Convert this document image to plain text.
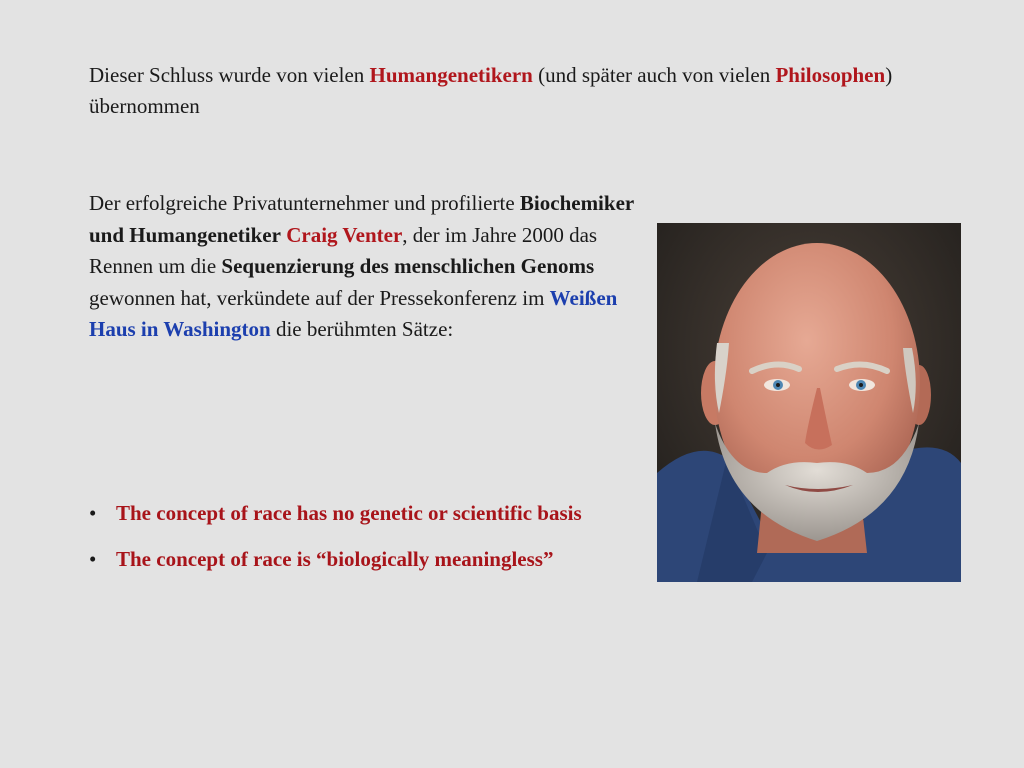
Dieser Schluss wurde von vielen Humangenetikern (und später auch von vielen Philosophen) übernommen
Der erfolgreiche Privatunternehmer und profilierte Biochemiker und Humangenetiker Craig Venter, der im Jahre 2000 das Rennen um die Sequenzierung des menschlichen Genoms gewonnen hat, verkündete auf der Pressekonferenz im Weißen Haus in Washington die berühmten Sätze:
• The concept of race has no genetic or scientific basis
• The concept of race is “biologically meaningless”
